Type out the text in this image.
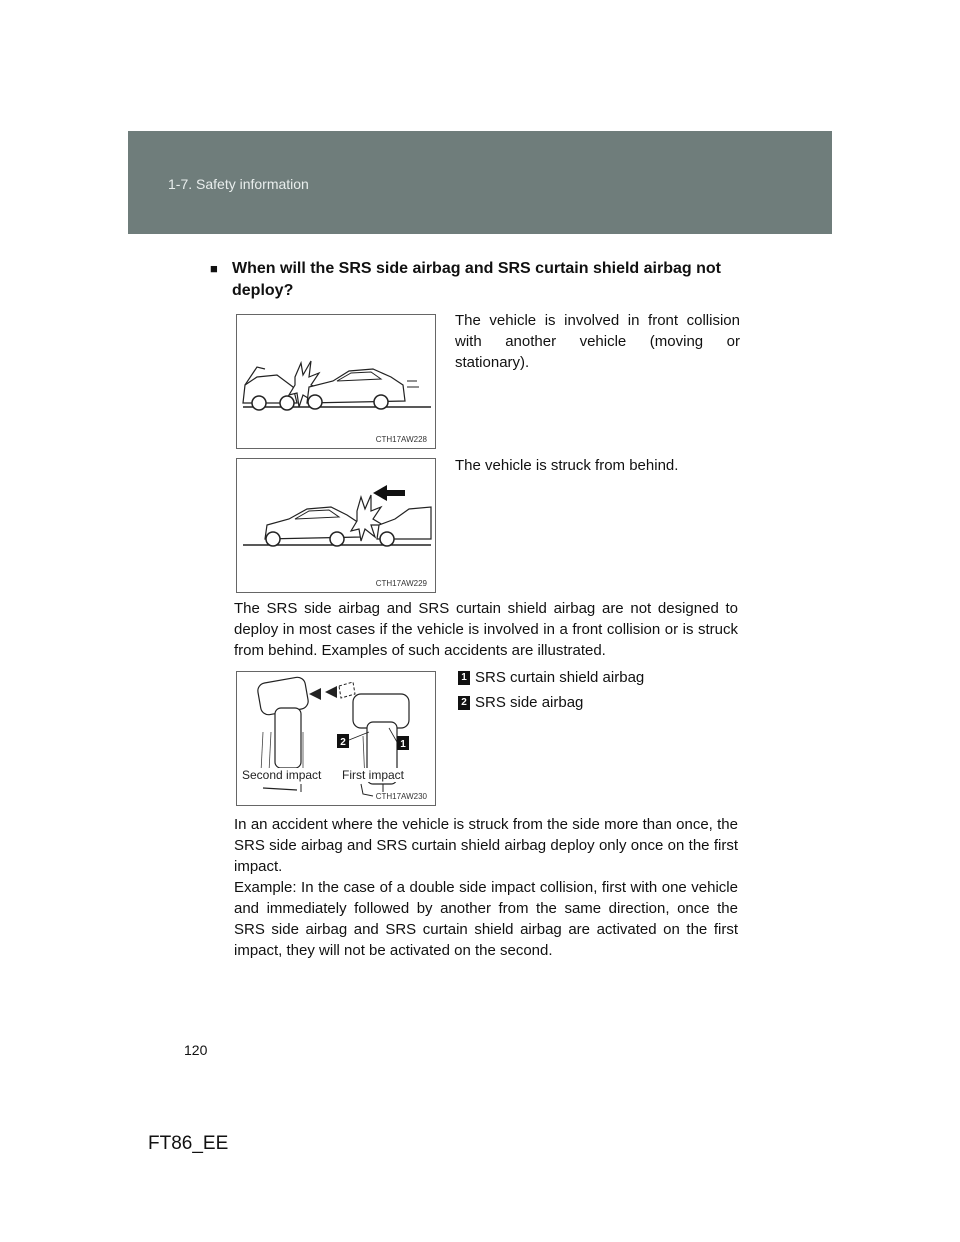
1-7. Safety information
■ When will the SRS side airbag and SRS curtain shield airbag not
deploy?
CTH17AW228
The vehicle is involved in front collision with another vehicle (moving or stationary).
CTH17AW229
The vehicle is struck from behind.
The SRS side airbag and SRS curtain shield airbag are not designed to deploy in most cases if the vehicle is involved in a front collision or is struck from behind. Examples of such accidents are illustrated.
2	1
Second impact First impact
CTH17AW230
1 SRS curtain shield airbag
2 SRS side airbag
In an accident where the vehicle is struck from the side more than once, the SRS side airbag and SRS curtain shield airbag deploy only once on the first impact.
Example: In the case of a double side impact collision, first with one vehicle and immediately followed by another from the same direction, once the SRS side airbag and SRS curtain shield airbag are activated on the first impact, they will not be activated on the second.
120
FT86_EE
